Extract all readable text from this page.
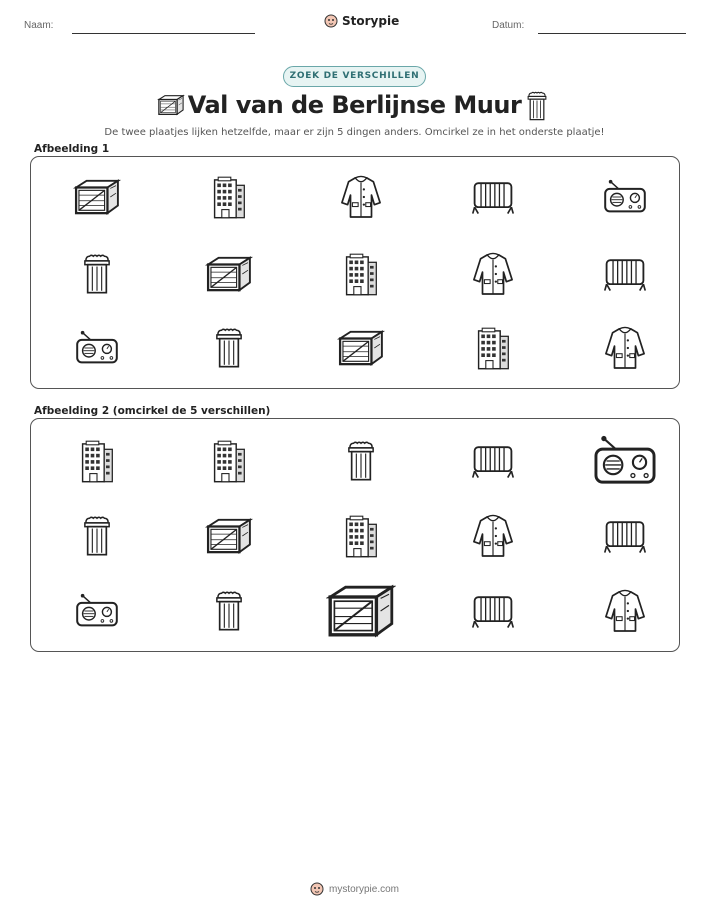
Naam:	Storypie	Datum:
ZOEK DE VERSCHILLEN
Val van de Berlijnse Muur
De twee plaatjes lijken hetzelfde, maar er zijn 5 dingen anders. Omcirkel ze in het onderste plaatje!
Afbeelding 1
Afbeelding 2 (omcirkel de 5 verschillen)
mystorypie.com
